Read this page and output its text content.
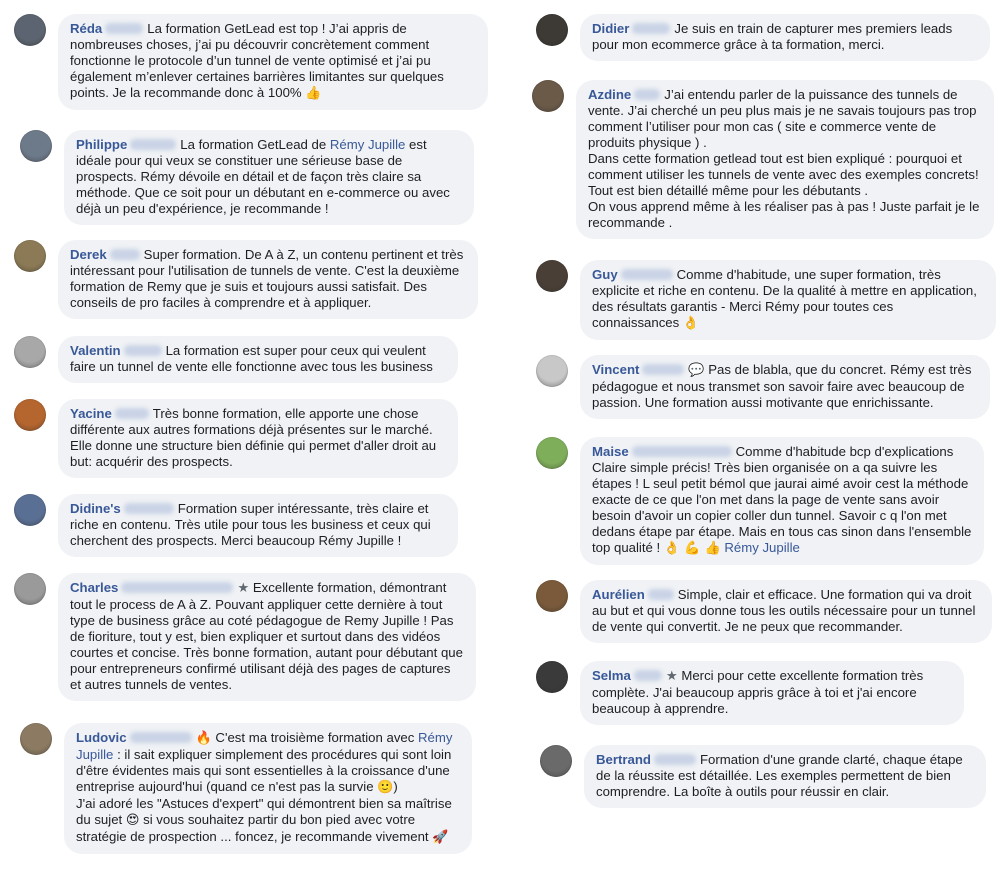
Réda	La formation GetLead est top ! J’ai appris de nombreuses choses, j’ai pu découvrir concrètement comment fonctionne le protocole d’un tunnel de vente optimisé et j’ai pu également m’enlever certaines barrières limitantes sur quelques points. Je la recommande donc à 100% 👍
Philippe	La formation GetLead de Rémy Jupille est idéale pour qui veux se constituer une sérieuse base de prospects. Rémy dévoile en détail et de façon très claire sa méthode. Que ce soit pour un débutant en e-commerce ou avec déjà un peu d'expérience, je recommande !
Derek	Super formation. De A à Z, un contenu pertinent et très intéressant pour l'utilisation de tunnels de vente. C'est la deuxième formation de Remy que je suis et toujours aussi satisfait. Des conseils de pro faciles à comprendre et à appliquer.
Valentin	La formation est super pour ceux qui veulent faire un tunnel de vente elle fonctionne avec tous les business
Yacine	Très bonne formation, elle apporte une chose différente aux autres formations déjà présentes sur le marché. Elle donne une structure bien définie qui permet d'aller droit au but: acquérir des prospects.
Didine's	Formation super intéressante, très claire et riche en contenu. Très utile pour tous les business et ceux qui cherchent des prospects. Merci beaucoup Rémy Jupille !
Charles	★ Excellente formation, démontrant tout le process de A à Z. Pouvant appliquer cette dernière à tout type de business grâce au coté pédagogue de Remy Jupille ! Pas de fioriture, tout y est, bien expliquer et surtout dans des vidéos courtes et concise. Très bonne formation, autant pour débutant que pour entrepreneurs confirmé utilisant déjà des pages de captures et autres tunnels de ventes.
Ludovic	🔥 C'est ma troisième formation avec Rémy Jupille : il sait expliquer simplement des procédures qui sont loin d'être évidentes mais qui sont essentielles à la croissance d'une entreprise aujourd'hui (quand ce n'est pas la survie 🙂)
J'ai adoré les "Astuces d'expert" qui démontrent bien sa maîtrise du sujet 😍 si vous souhaitez partir du bon pied avec votre stratégie de prospection ... foncez, je recommande vivement 🚀
Didier	Je suis en train de capturer mes premiers leads pour mon ecommerce grâce à ta formation, merci.
Azdine	J’ai entendu parler de la puissance des tunnels de vente. J’ai cherché un peu plus mais je ne savais toujours pas trop comment l’utiliser pour mon cas ( site e commerce vente de produits physique ) .
Dans cette formation getlead tout est bien expliqué : pourquoi et comment utiliser les tunnels de vente avec des exemples concrets! Tout est bien détaillé même pour les débutants .
On vous apprend même à les réaliser pas à pas ! Juste parfait je le recommande .
Guy	Comme d'habitude, une super formation, très explicite et riche en contenu. De la qualité à mettre en application, des résultats garantis - Merci Rémy pour toutes ces connaissances 👌
Vincent	💬 Pas de blabla, que du concret. Rémy est très pédagogue et nous transmet son savoir faire avec beaucoup de passion. Une formation aussi motivante que enrichissante.
Maise	Comme d'habitude bcp d'explications Claire simple précis! Très bien organisée on a qa suivre les étapes ! L seul petit bémol que jaurai aimé avoir cest la méthode exacte de ce que l'on met dans la page de vente sans avoir besoin d'avoir un copier coller dun tunnel. Savoir c q l'on met dedans étape par étape. Mais en tous cas sinon dans l'ensemble top qualité ! 👌 💪 👍 Rémy Jupille
Aurélien	Simple, clair et efficace. Une formation qui va droit au but et qui vous donne tous les outils nécessaire pour un tunnel de vente qui convertit. Je ne peux que recommander.
Selma	★ Merci pour cette excellente formation très complète. J'ai beaucoup appris grâce à toi et j'ai encore beaucoup à apprendre.
Bertrand	Formation d'une grande clarté, chaque étape de la réussite est détaillée. Les exemples permettent de bien comprendre. La boîte à outils pour réussir en clair.
